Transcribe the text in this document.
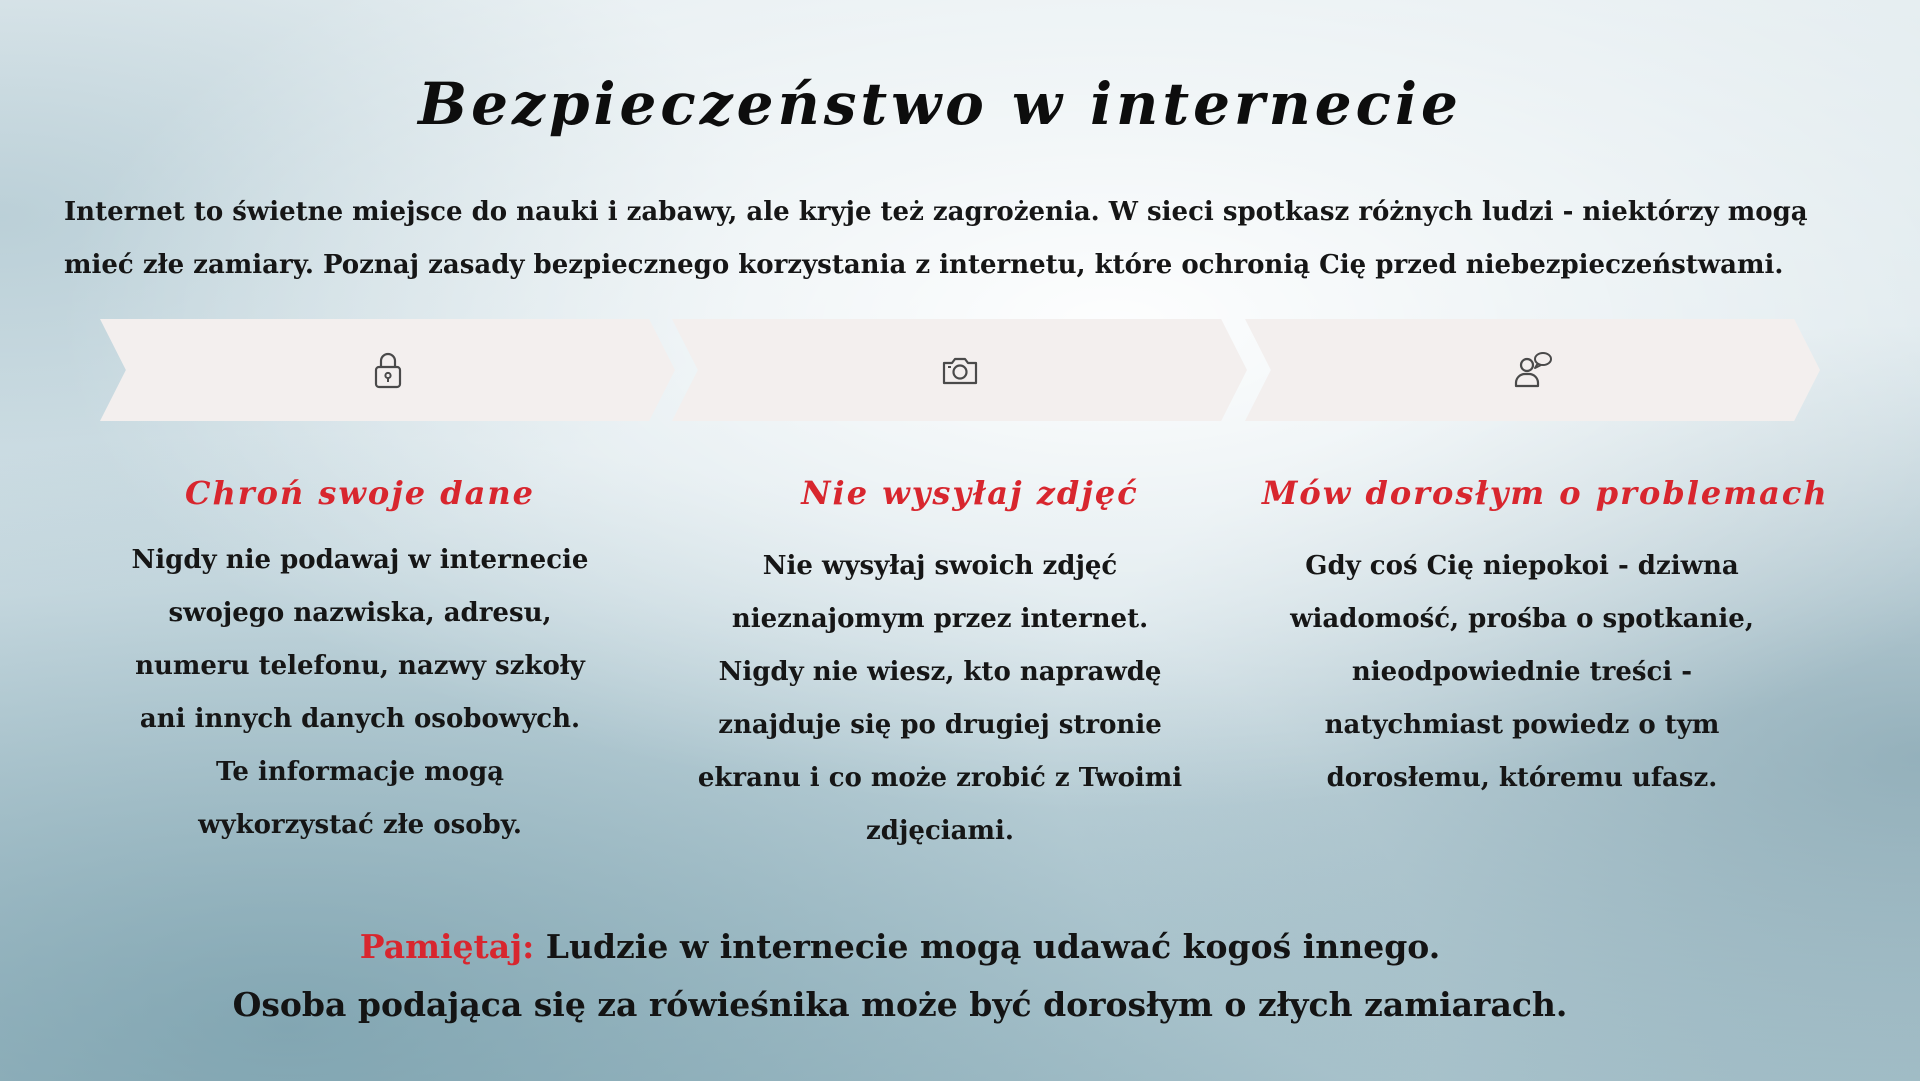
Bezpieczeństwo w internecie

Internet to świetne miejsce do nauki i zabawy, ale kryje też zagrożenia. W sieci spotkasz różnych ludzi - niektórzy mogą
mieć złe zamiary. Poznaj zasady bezpiecznego korzystania z internetu, które ochronią Cię przed niebezpieczeństwami.

Chroń swoje dane

Nigdy nie podawaj w internecie
swojego nazwiska, adresu,
numeru telefonu, nazwy szkoły
ani innych danych osobowych.
Te informacje mogą
wykorzystać złe osoby.

Nie wysyłaj zdjęć

Nie wysyłaj swoich zdjęć
nieznajomym przez internet.
Nigdy nie wiesz, kto naprawdę
znajduje się po drugiej stronie
ekranu i co może zrobić z Twoimi
zdjęciami.

Mów dorosłym o problemach

Gdy coś Cię niepokoi - dziwna
wiadomość, prośba o spotkanie,
nieodpowiednie treści -
natychmiast powiedz o tym
dorosłemu, któremu ufasz.

Pamiętaj: Ludzie w internecie mogą udawać kogoś innego.
Osoba podająca się za rówieśnika może być dorosłym o złych zamiarach.
